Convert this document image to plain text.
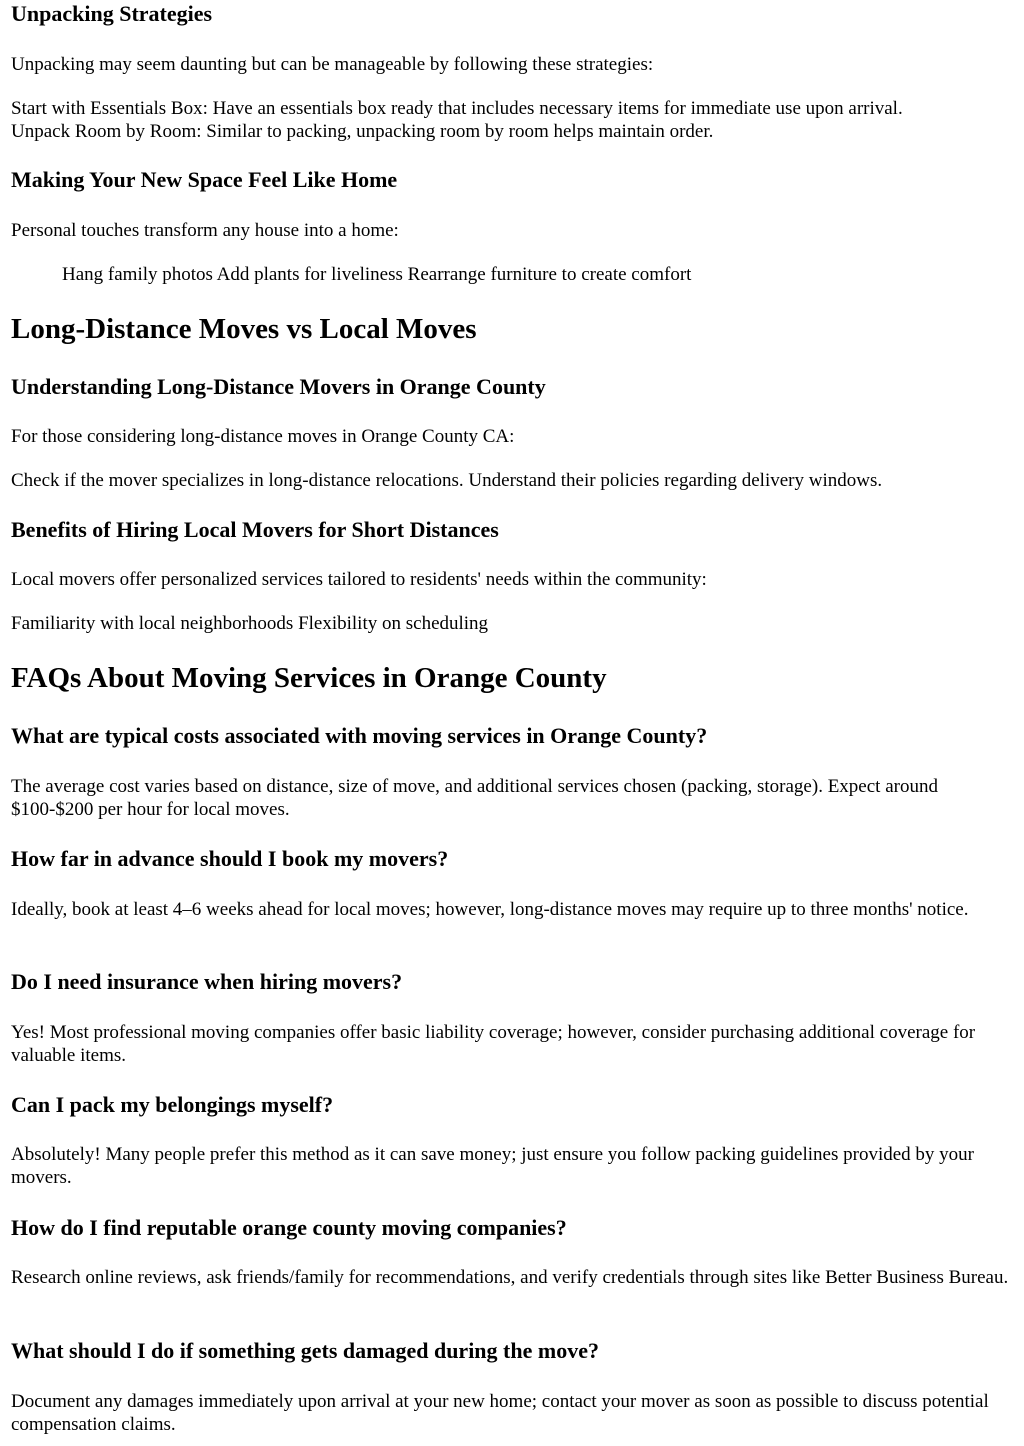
Unpacking Strategies

Unpacking may seem daunting but can be manageable by following these strategies:

Start with Essentials Box: Have an essentials box ready that includes necessary items for immediate use upon arrival.
Unpack Room by Room: Similar to packing, unpacking room by room helps maintain order.
Making Your New Space Feel Like Home

Personal touches transform any house into a home:

Hang family photos Add plants for liveliness Rearrange furniture to create comfort

Long-Distance Moves vs Local Moves
Understanding Long-Distance Movers in Orange County

For those considering long-distance moves in Orange County CA:

Check if the mover specializes in long-distance relocations. Understand their policies regarding delivery windows.

Benefits of Hiring Local Movers for Short Distances

Local movers offer personalized services tailored to residents' needs within the community:

Familiarity with local neighborhoods Flexibility on scheduling

FAQs About Moving Services in Orange County
What are typical costs associated with moving services in Orange County?

The average cost varies based on distance, size of move, and additional services chosen (packing, storage). Expect around $100-$200 per hour for local moves.

How far in advance should I book my movers?

Ideally, book at least 4–6 weeks ahead for local moves; however, long-distance moves may require up to three months' notice.

Do I need insurance when hiring movers?

Yes! Most professional moving companies offer basic liability coverage; however, consider purchasing additional coverage for valuable items.

Can I pack my belongings myself?

Absolutely! Many people prefer this method as it can save money; just ensure you follow packing guidelines provided by your movers.

How do I find reputable orange county moving companies?

Research online reviews, ask friends/family for recommendations, and verify credentials through sites like Better Business Bureau.

What should I do if something gets damaged during the move?

Document any damages immediately upon arrival at your new home; contact your mover as soon as possible to discuss potential compensation claims.
